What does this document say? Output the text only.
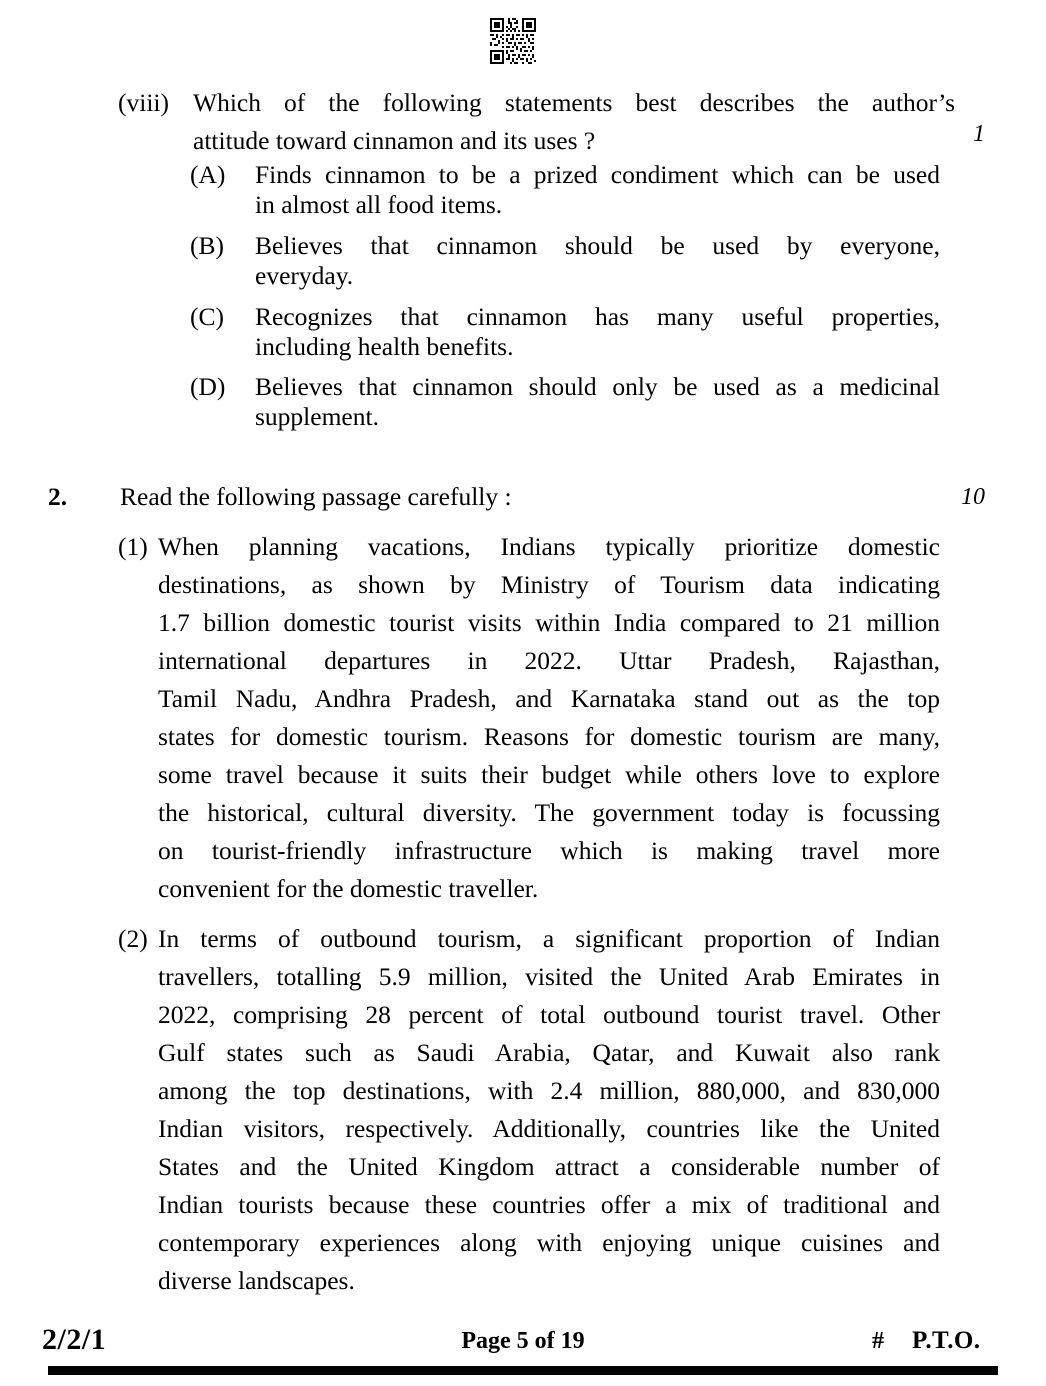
(viii) Which of the following statements best describes the author’s
attitude toward cinnamon and its uses ?	1
(A)	Finds cinnamon to be a prized condiment which can be used
in almost all food items.
(B)	Believes that cinnamon should be used by everyone,
everyday.
(C)	Recognizes that cinnamon has many useful properties,
including health benefits.
(D)	Believes that cinnamon should only be used as a medicinal
supplement.
2. Read the following passage carefully :	10
(1) When planning vacations, Indians typically prioritize domestic
destinations, as shown by Ministry of Tourism data indicating
1.7 billion domestic tourist visits within India compared to 21 million
international departures in 2022. Uttar Pradesh, Rajasthan,
Tamil Nadu, Andhra Pradesh, and Karnataka stand out as the top
states for domestic tourism. Reasons for domestic tourism are many,
some travel because it suits their budget while others love to explore
the historical, cultural diversity. The government today is focussing
on tourist-friendly infrastructure which is making travel more
convenient for the domestic traveller.
(2) In terms of outbound tourism, a significant proportion of Indian
travellers, totalling 5.9 million, visited the United Arab Emirates in
2022, comprising 28 percent of total outbound tourist travel. Other
Gulf states such as Saudi Arabia, Qatar, and Kuwait also rank
among the top destinations, with 2.4 million, 880,000, and 830,000
Indian visitors, respectively. Additionally, countries like the United
States and the United Kingdom attract a considerable number of
Indian tourists because these countries offer a mix of traditional and
contemporary experiences along with enjoying unique cuisines and
diverse landscapes.
2/2/1	Page 5 of 19	# P.T.O.
